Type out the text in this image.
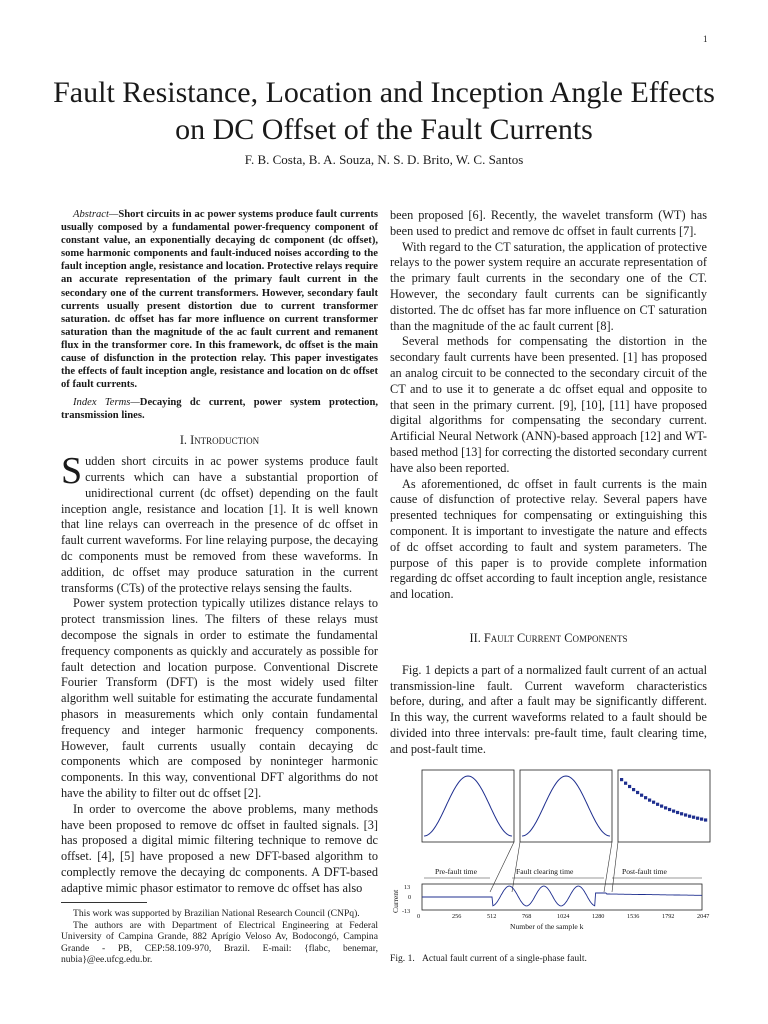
1
Fault Resistance, Location and Inception Angle Effects on DC Offset of the Fault Currents
F. B. Costa, B. A. Souza, N. S. D. Brito, W. C. Santos

Abstract—Short circuits in ac power systems produce fault currents usually composed by a fundamental power-frequency component of constant value, an exponentially decaying dc component (dc offset), some harmonic components and fault-induced noises according to the fault inception angle, resistance and location. Protective relays require an accurate representation of the primary fault current in the secondary one of the current transformers. However, secondary fault currents usually present distortion due to current transformer saturation. dc offset has far more influence on current transformer saturation than the magnitude of the ac fault current and remanent flux in the transformer core. In this framework, dc offset is the main cause of disfunction in the protection relay. This paper investigates the effects of fault inception angle, resistance and location on dc offset of fault currents.

Index Terms—Decaying dc current, power system protection, transmission lines.

I. Introduction

Sudden short circuits in ac power systems produce fault currents which can have a substantial proportion of unidirectional current (dc offset) depending on the fault inception angle, resistance and location [1]. It is well known that line relays can overreach in the presence of dc offset in fault current waveforms. For line relaying purpose, the decaying dc components must be removed from these waveforms. In addition, dc offset may produce saturation in the current transforms (CTs) of the protective relays sensing the faults.

Power system protection typically utilizes distance relays to protect transmission lines. The filters of these relays must decompose the signals in order to estimate the fundamental frequency components as quickly and accurately as possible for fault detection and location purpose. Conventional Discrete Fourier Transform (DFT) is the most widely used filter algorithm well suitable for estimating the accurate fundamental phasors in measurements which only contain fundamental frequency and integer harmonic frequency components. However, fault currents usually contain decaying dc components which are composed by noninteger harmonic components. In this way, conventional DFT algorithms do not have the ability to filter out dc offset [2].

In order to overcome the above problems, many methods have been proposed to remove dc offset in faulted signals. [3] has proposed a digital mimic filtering technique to remove dc offset. [4], [5] have proposed a new DFT-based algorithm to complectly remove the decaying dc components. A DFT-based adaptive mimic phasor estimator to remove dc offset has also

This work was supported by Brazilian National Research Council (CNPq).

The authors are with Department of Electrical Engineering at Federal University of Campina Grande, 882 Aprígio Veloso Av, Bodocongó, Campina Grande - PB, CEP:58.109-970, Brazil. E-mail: {flabc, benemar, nubia}@ee.ufcg.edu.br.

been proposed [6]. Recently, the wavelet transform (WT) has been used to predict and remove dc offset in fault currents [7].

With regard to the CT saturation, the application of protective relays to the power system require an accurate representation of the primary fault currents in the secondary one of the CT. However, the secondary fault currents can be significantly distorted. The dc offset has far more influence on CT saturation than the magnitude of the ac fault current [8].

Several methods for compensating the distortion in the secondary fault currents have been presented. [1] has proposed an analog circuit to be connected to the secondary circuit of the CT and to use it to generate a dc offset equal and opposite to that seen in the primary current. [9], [10], [11] have proposed digital algorithms for compensating the secondary current. Artificial Neural Network (ANN)-based approach [12] and WT-based method [13] for correcting the distorted secondary current have also been reported.

As aforementioned, dc offset in fault currents is the main cause of disfunction of protective relay. Several papers have presented techniques for compensating or extinguishing this component. It is important to investigate the nature and effects of dc offset according to fault and system parameters. The purpose of this paper is to provide complete information regarding dc offset according to fault inception angle, resistance and location.

II. Fault Current Components

Fig. 1 depicts a part of a normalized fault current of an actual transmission-line fault. Current waveform characteristics before, during, and after a fault may be significantly different. In this way, the current waveforms related to a fault should be divided into three intervals: pre-fault time, fault clearing time, and post-fault time.

Pre-fault time	Fault clearing time	Post-fault time
13
0
-13
Current
0	256	512	768	1024	1280	1536	1792	2047
Number of the sample k
Fig. 1. Actual fault current of a single-phase fault.
